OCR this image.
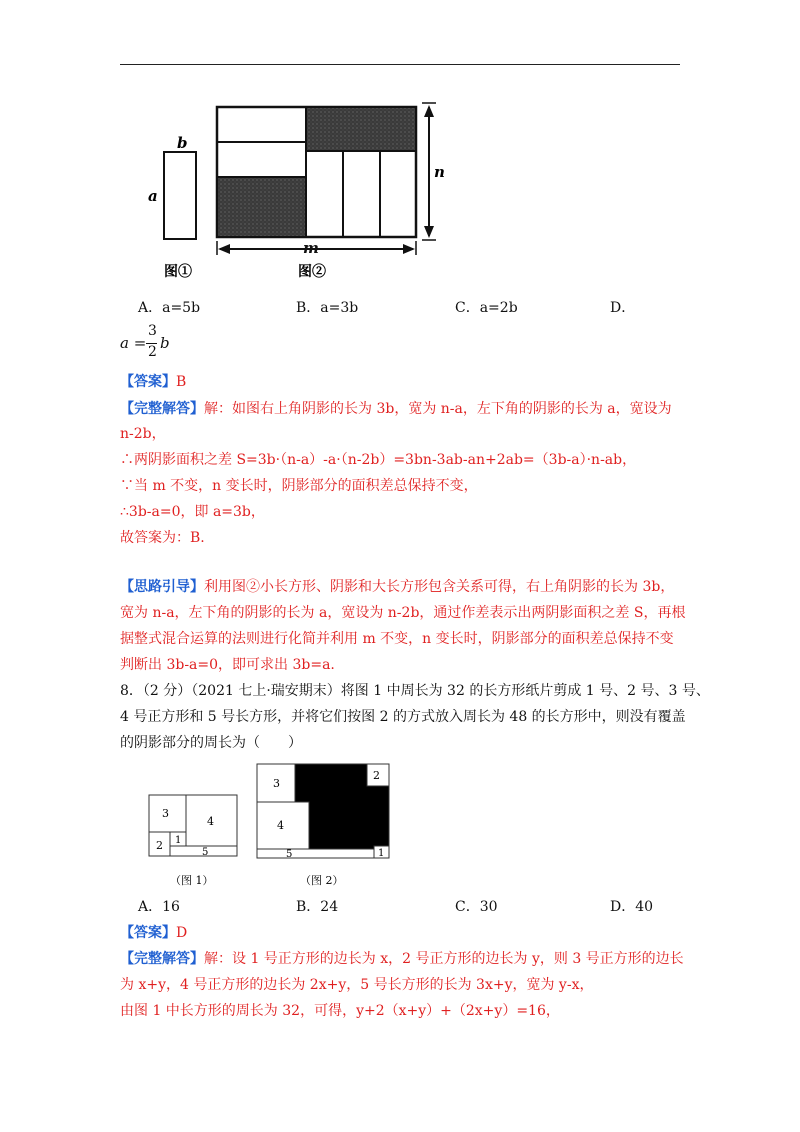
b
a
图①
n
m
图②
A．a=5b	B．a=3b	C．a=2b	D．
a =
3
2 b
【答案】B
【完整解答】解：如图右上角阴影的长为 3b，宽为 n-a，左下角的阴影的长为 a，宽设为
n-2b，
∴两阴影面积之差 S=3b·（n-a）-a·（n-2b）=3bn-3ab-an+2ab=（3b-a）·n-ab，
∵当 m 不变，n 变长时，阴影部分的面积差总保持不变，
∴3b-a=0，即 a=3b，
故答案为：B.
【思路引导】利用图②小长方形、阴影和大长方形包含关系可得，右上角阴影的长为 3b，
宽为 n-a，左下角的阴影的长为 a，宽设为 n-2b，通过作差表示出两阴影面积之差 S，再根
据整式混合运算的法则进行化简并利用 m 不变，n 变长时，阴影部分的面积差总保持不变
判断出 3b-a=0，即可求出 3b=a.
8．（2 分）（2021 七上·瑞安期末）将图 1 中周长为 32 的长方形纸片剪成 1 号、2 号、3 号、
4 号正方形和 5 号长方形，并将它们按图 2 的方式放入周长为 48 的长方形中，则没有覆盖
的阴影部分的周长为（　　）
3
4
2 1
5
（图 1）
3
2
4
5	1
（图 2）
A．16	B．24	C．30	D．40
【答案】D
【完整解答】解：设 1 号正方形的边长为 x，2 号正方形的边长为 y，则 3 号正方形的边长
为 x+y，4 号正方形的边长为 2x+y，5 号长方形的长为 3x+y，宽为 y-x，
由图 1 中长方形的周长为 32，可得，y+2（x+y）+（2x+y）=16，
